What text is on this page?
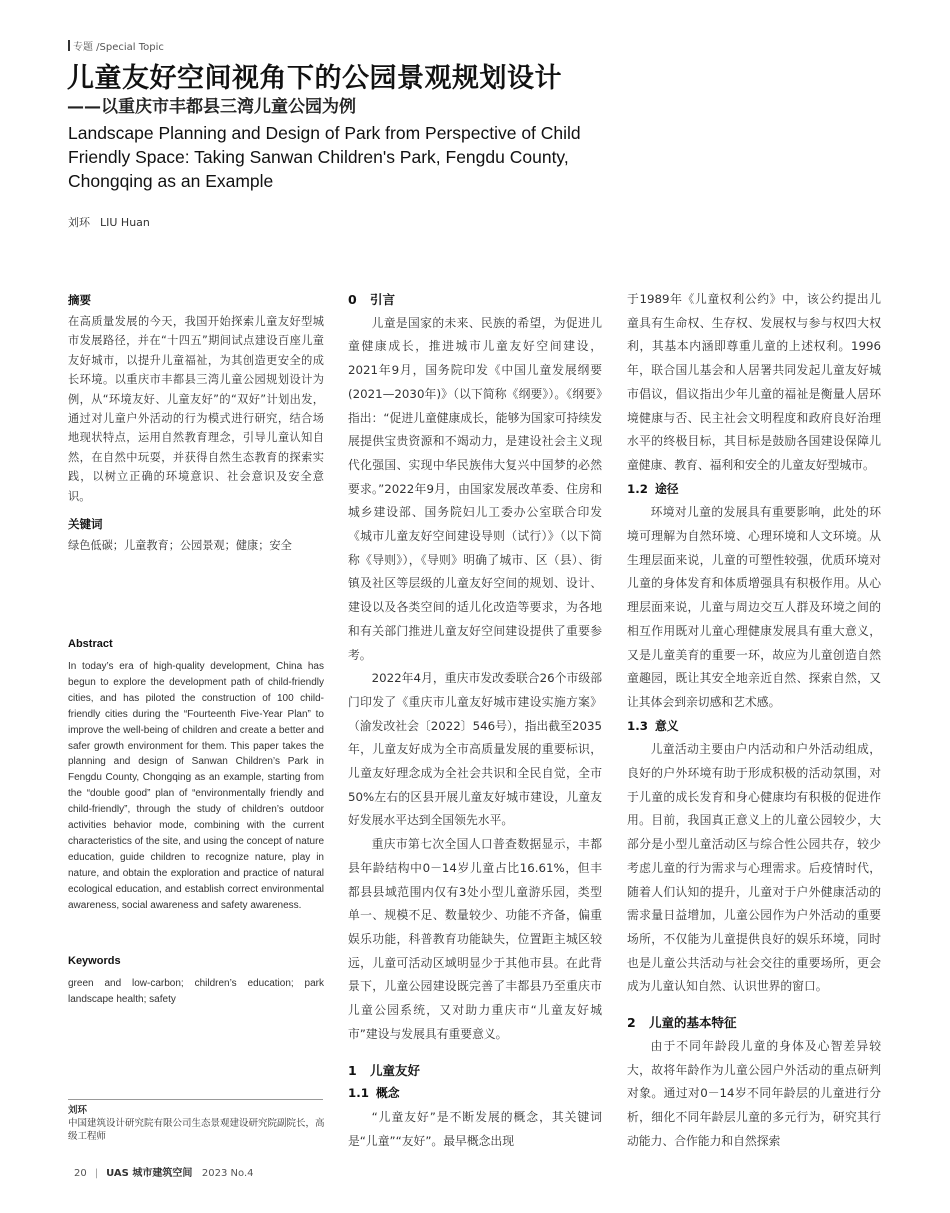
专题 /Special Topic
儿童友好空间视角下的公园景观规划设计
——以重庆市丰都县三湾儿童公园为例
Landscape Planning and Design of Park from Perspective of Child Friendly Space: Taking Sanwan Children's Park, Fengdu County, Chongqing as an Example
刘环 LIU Huan
摘要
在高质量发展的今天，我国开始探索儿童友好型城市发展路径，并在“十四五”期间试点建设百座儿童友好城市，以提升儿童福祉，为其创造更安全的成长环境。以重庆市丰都县三湾儿童公园规划设计为例，从“环境友好、儿童友好”的“双好”计划出发，通过对儿童户外活动的行为模式进行研究，结合场地现状特点，运用自然教育理念，引导儿童认知自然，在自然中玩耍，并获得自然生态教育的探索实践，以树立正确的环境意识、社会意识及安全意识。
关键词
绿色低碳；儿童教育；公园景观；健康；安全
Abstract
In today’s era of high-quality development, China has begun to explore the development path of child-friendly cities, and has piloted the construction of 100 child-friendly cities during the “Fourteenth Five-Year Plan” to improve the well-being of children and create a better and safer growth environment for them. This paper takes the planning and design of Sanwan Children’s Park in Fengdu County, Chongqing as an example, starting from the “double good” plan of “environmentally friendly and child-friendly”, through the study of children’s outdoor activities behavior mode, combining with the current characteristics of the site, and using the concept of nature education, guide children to recognize nature, play in nature, and obtain the exploration and practice of natural ecological education, and establish correct environmental awareness, social awareness and safety awareness.
Keywords
green and low-carbon; children’s education; park landscape health; safety
刘环
中国建筑设计研究院有限公司生态景观建设研究院副院长，高级工程师
0 引言

儿童是国家的未来、民族的希望，为促进儿童健康成长，推进城市儿童友好空间建设，2021年9月，国务院印发《中国儿童发展纲要(2021—2030年)》（以下简称《纲要》）。《纲要》指出：“促进儿童健康成长，能够为国家可持续发展提供宝贵资源和不竭动力，是建设社会主义现代化强国、实现中华民族伟大复兴中国梦的必然要求。”2022年9月，由国家发展改革委、住房和城乡建设部、国务院妇儿工委办公室联合印发《城市儿童友好空间建设导则（试行）》（以下简称《导则》），《导则》明确了城市、区（县）、街镇及社区等层级的儿童友好空间的规划、设计、建设以及各类空间的适儿化改造等要求，为各地和有关部门推进儿童友好空间建设提供了重要参考。

2022年4月，重庆市发改委联合26个市级部门印发了《重庆市儿童友好城市建设实施方案》（渝发改社会〔2022〕546号），指出截至2035年，儿童友好成为全市高质量发展的重要标识，儿童友好理念成为全社会共识和全民自觉，全市50%左右的区县开展儿童友好城市建设，儿童友好发展水平达到全国领先水平。

重庆市第七次全国人口普查数据显示，丰都县年龄结构中0－14岁儿童占比16.61%，但丰都县县域范围内仅有3处小型儿童游乐园，类型单一、规模不足、数量较少、功能不齐备，偏重娱乐功能，科普教育功能缺失，位置距主城区较远，儿童可活动区域明显少于其他市县。在此背景下，儿童公园建设既完善了丰都县乃至重庆市儿童公园系统，又对助力重庆市“儿童友好城市”建设与发展具有重要意义。

1 儿童友好
1.1 概念

“儿童友好”是不断发展的概念，其关键词是“儿童”“友好”。最早概念出现

于1989年《儿童权利公约》中，该公约提出儿童具有生命权、生存权、发展权与参与权四大权利，其基本内涵即尊重儿童的上述权利。1996年，联合国儿基会和人居署共同发起儿童友好城市倡议，倡议指出少年儿童的福祉是衡量人居环境健康与否、民主社会文明程度和政府良好治理水平的终极目标，其目标是鼓励各国建设保障儿童健康、教育、福利和安全的儿童友好型城市。

1.2 途径

环境对儿童的发展具有重要影响，此处的环境可理解为自然环境、心理环境和人文环境。从生理层面来说，儿童的可塑性较强，优质环境对儿童的身体发育和体质增强具有积极作用。从心理层面来说，儿童与周边交互人群及环境之间的相互作用既对儿童心理健康发展具有重大意义，又是儿童美育的重要一环，故应为儿童创造自然童趣园，既让其安全地亲近自然、探索自然，又让其体会到亲切感和艺术感。

1.3 意义

儿童活动主要由户内活动和户外活动组成，良好的户外环境有助于形成积极的活动氛围，对于儿童的成长发育和身心健康均有积极的促进作用。目前，我国真正意义上的儿童公园较少，大部分是小型儿童活动区与综合性公园共存，较少考虑儿童的行为需求与心理需求。后疫情时代，随着人们认知的提升，儿童对于户外健康活动的需求量日益增加，儿童公园作为户外活动的重要场所，不仅能为儿童提供良好的娱乐环境，同时也是儿童公共活动与社会交往的重要场所，更会成为儿童认知自然、认识世界的窗口。

2 儿童的基本特征

由于不同年龄段儿童的身体及心智差异较大，故将年龄作为儿童公园户外活动的重点研判对象。通过对0－14岁不同年龄层的儿童进行分析，细化不同年龄层儿童的多元行为，研究其行动能力、合作能力和自然探索

20 | UAS 城市建筑空间 2023 No.4
